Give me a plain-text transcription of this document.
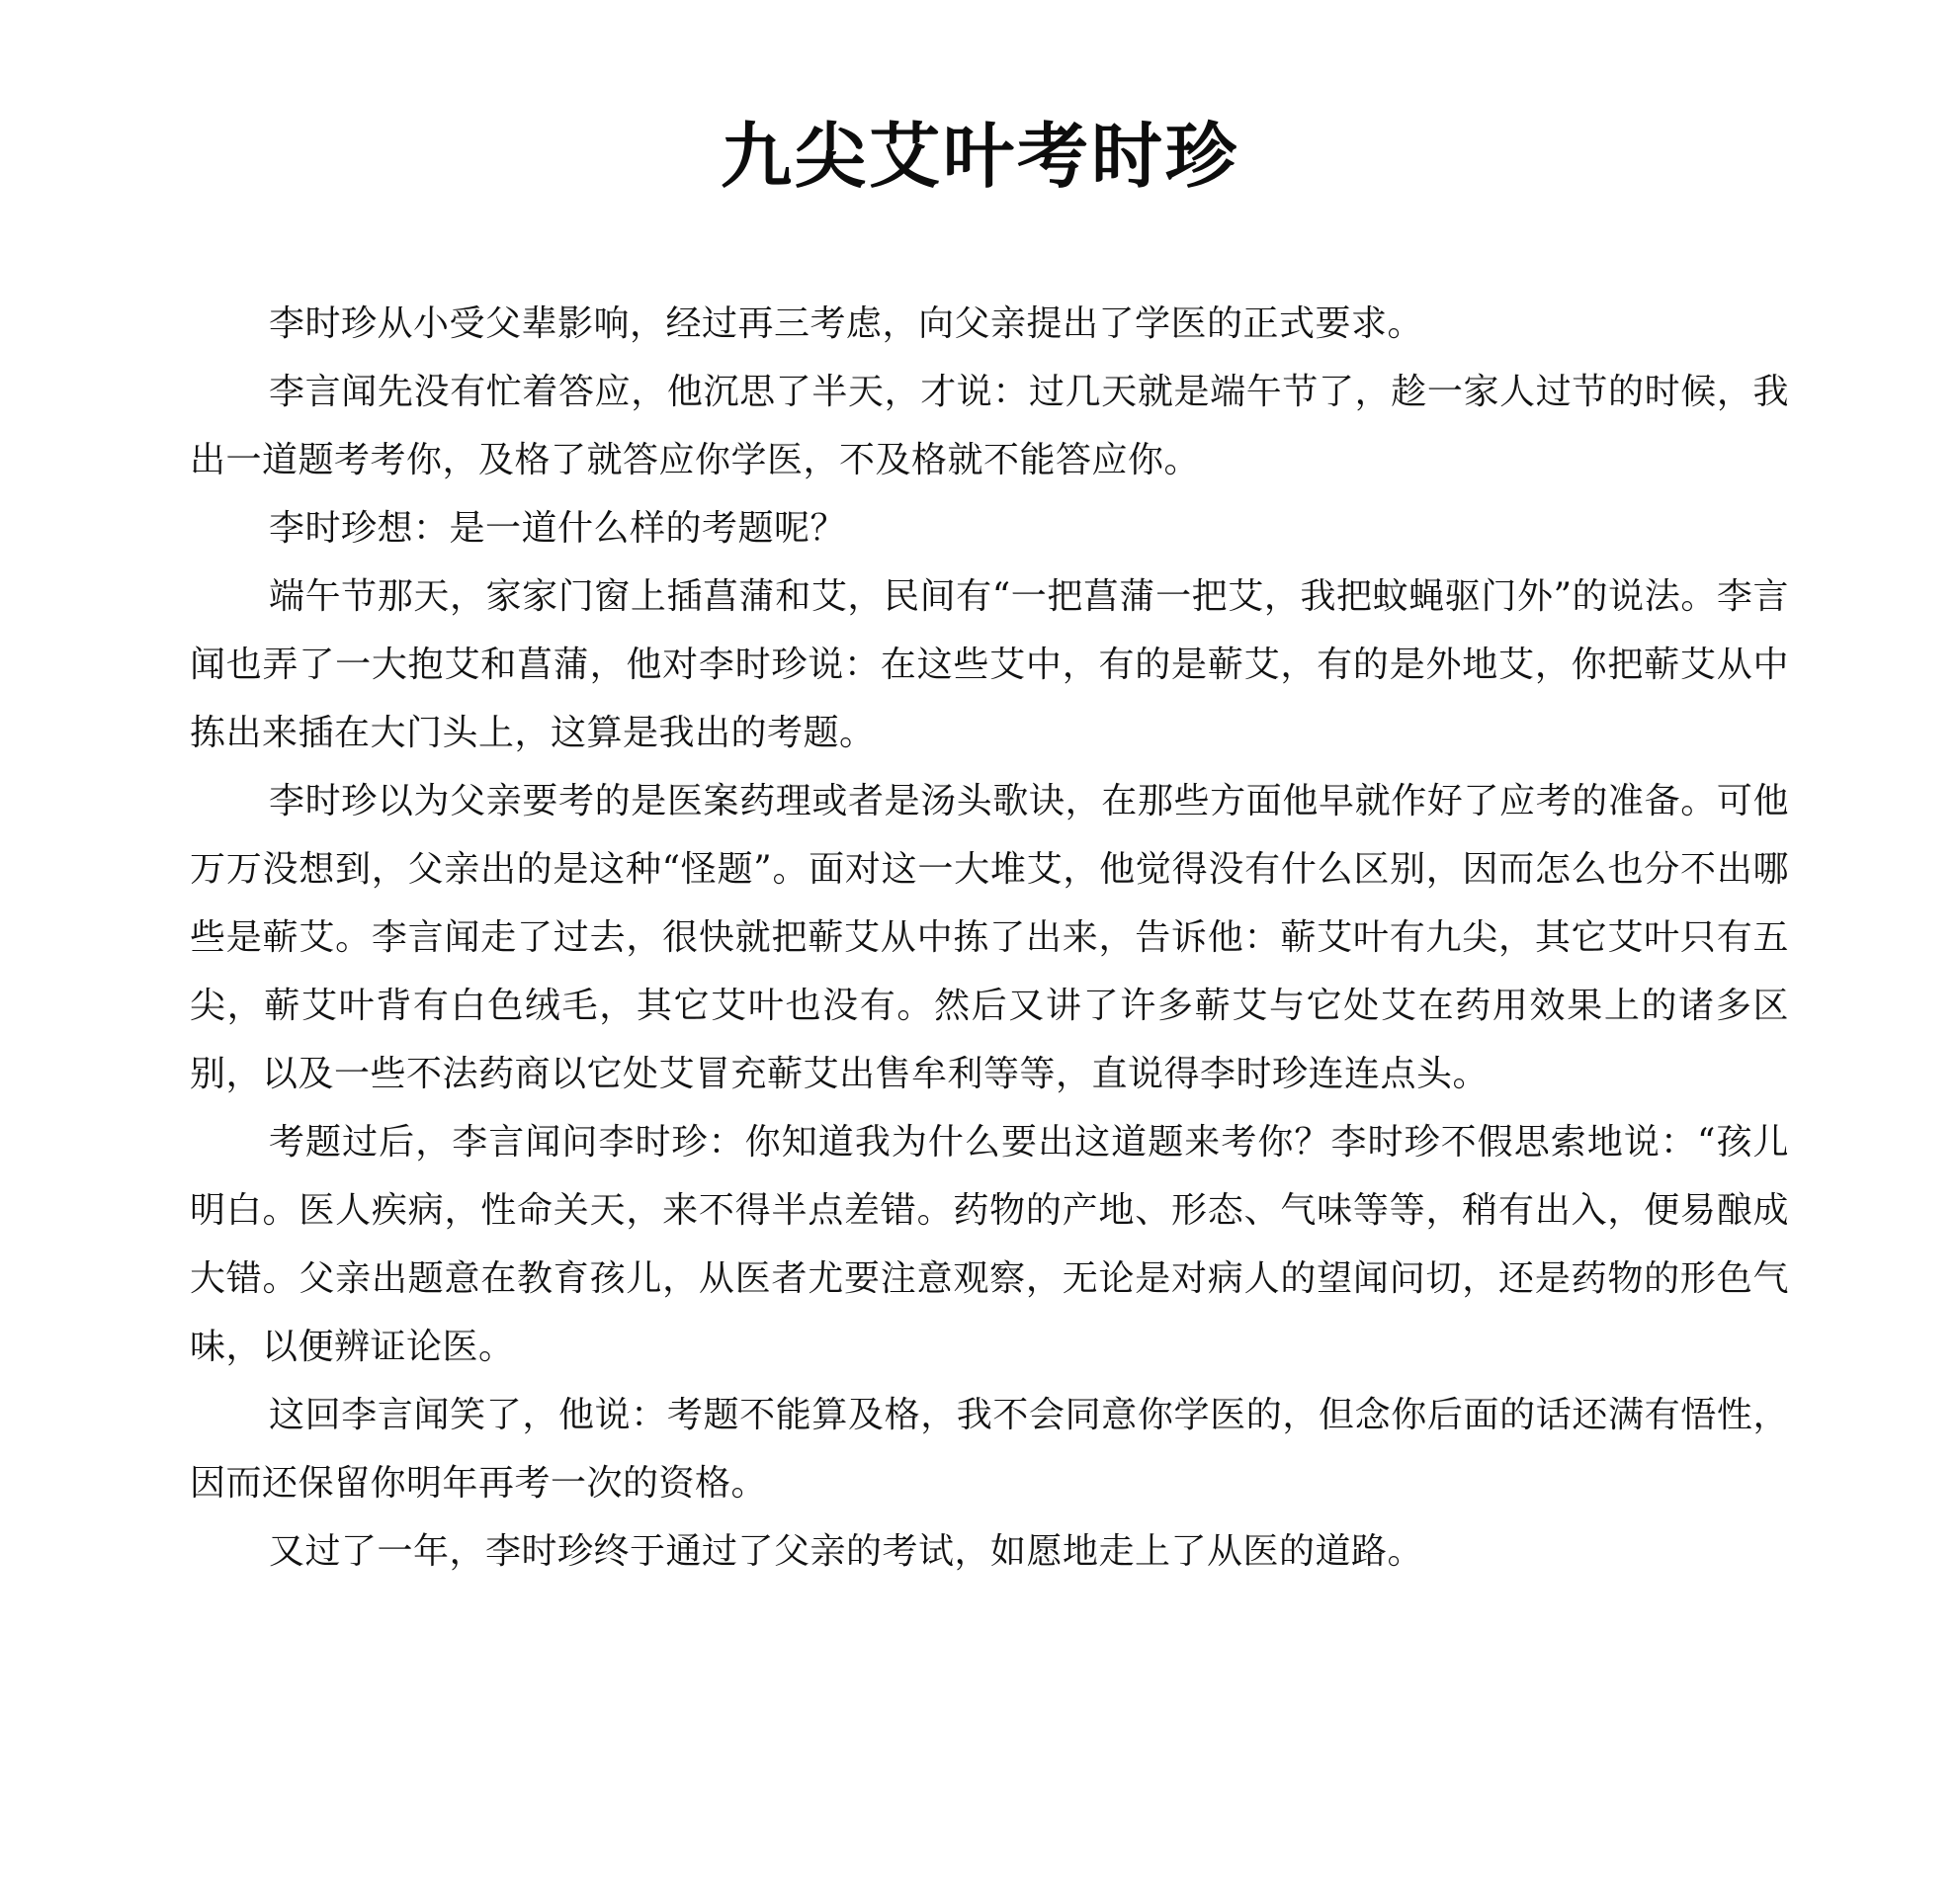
九尖艾叶考时珍

李时珍从小受父辈影响，经过再三考虑，向父亲提出了学医的正式要求。

李言闻先没有忙着答应，他沉思了半天，才说：过几天就是端午节了，趁一家人过节的时候，我出一道题考考你，及格了就答应你学医，不及格就不能答应你。

李时珍想：是一道什么样的考题呢？

端午节那天，家家门窗上插菖蒲和艾，民间有“一把菖蒲一把艾，我把蚊蝇驱门外”的说法。李言闻也弄了一大抱艾和菖蒲，他对李时珍说：在这些艾中，有的是蕲艾，有的是外地艾，你把蕲艾从中拣出来插在大门头上，这算是我出的考题。

李时珍以为父亲要考的是医案药理或者是汤头歌诀，在那些方面他早就作好了应考的准备。可他万万没想到，父亲出的是这种“怪题”。面对这一大堆艾，他觉得没有什么区别，因而怎么也分不出哪些是蕲艾。李言闻走了过去，很快就把蕲艾从中拣了出来，告诉他：蕲艾叶有九尖，其它艾叶只有五尖，蕲艾叶背有白色绒毛，其它艾叶也没有。然后又讲了许多蕲艾与它处艾在药用效果上的诸多区别，以及一些不法药商以它处艾冒充蕲艾出售牟利等等，直说得李时珍连连点头。

考题过后，李言闻问李时珍：你知道我为什么要出这道题来考你？李时珍不假思索地说：“孩儿明白。医人疾病，性命关天，来不得半点差错。药物的产地、形态、气味等等，稍有出入，便易酿成大错。父亲出题意在教育孩儿，从医者尤要注意观察，无论是对病人的望闻问切，还是药物的形色气味，以便辨证论医。

这回李言闻笑了，他说：考题不能算及格，我不会同意你学医的，但念你后面的话还满有悟性，因而还保留你明年再考一次的资格。

又过了一年，李时珍终于通过了父亲的考试，如愿地走上了从医的道路。
